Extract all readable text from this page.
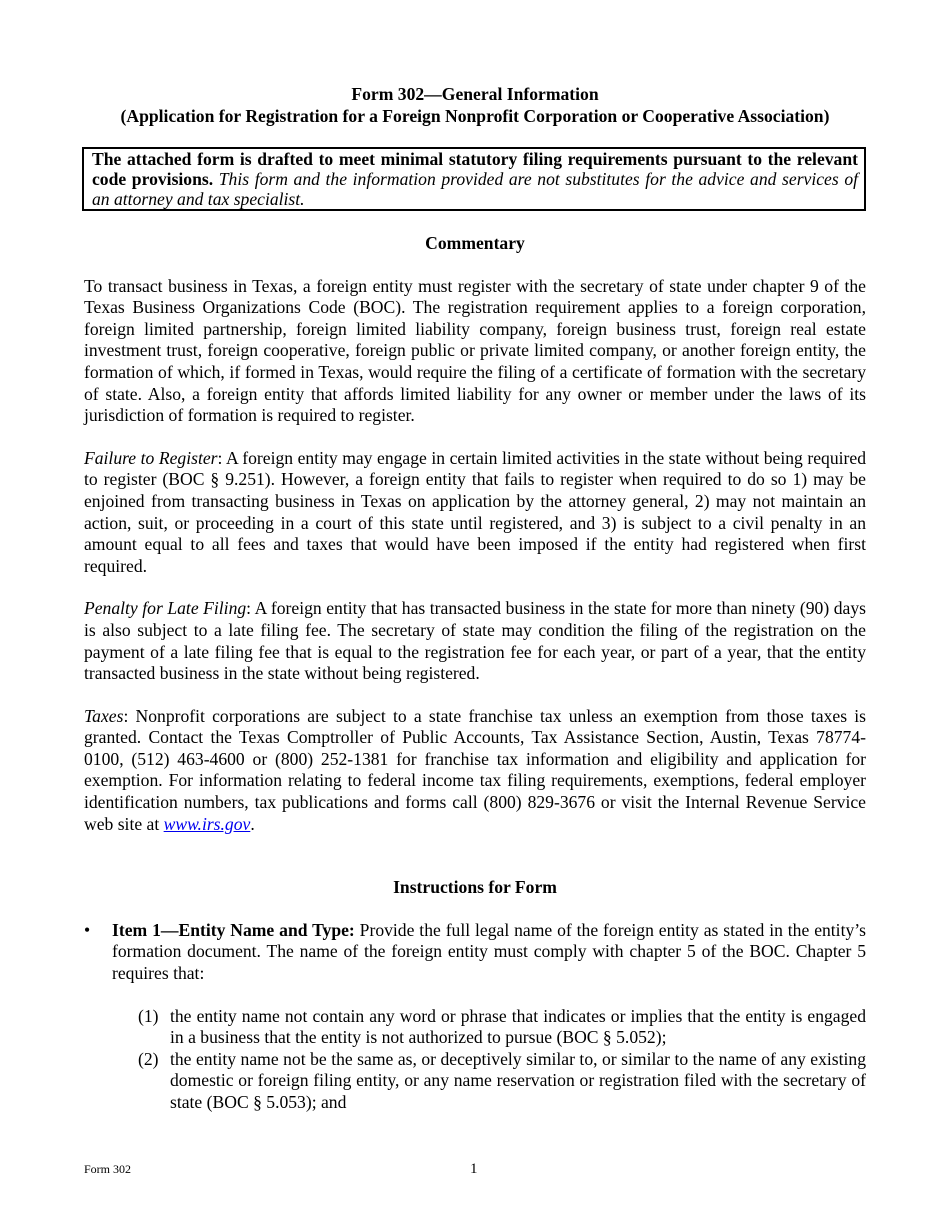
Form 302—General Information
(Application for Registration for a Foreign Nonprofit Corporation or Cooperative Association)
The attached form is drafted to meet minimal statutory filing requirements pursuant to the relevant code provisions. This form and the information provided are not substitutes for the advice and services of an attorney and tax specialist.
Commentary

To transact business in Texas, a foreign entity must register with the secretary of state under chapter 9 of the Texas Business Organizations Code (BOC). The registration requirement applies to a foreign corporation, foreign limited partnership, foreign limited liability company, foreign business trust, foreign real estate investment trust, foreign cooperative, foreign public or private limited company, or another foreign entity, the formation of which, if formed in Texas, would require the filing of a certificate of formation with the secretary of state. Also, a foreign entity that affords limited liability for any owner or member under the laws of its jurisdiction of formation is required to register.

Failure to Register: A foreign entity may engage in certain limited activities in the state without being required to register (BOC § 9.251). However, a foreign entity that fails to register when required to do so 1) may be enjoined from transacting business in Texas on application by the attorney general, 2) may not maintain an action, suit, or proceeding in a court of this state until registered, and 3) is subject to a civil penalty in an amount equal to all fees and taxes that would have been imposed if the entity had registered when first required.

Penalty for Late Filing: A foreign entity that has transacted business in the state for more than ninety (90) days is also subject to a late filing fee. The secretary of state may condition the filing of the registration on the payment of a late filing fee that is equal to the registration fee for each year, or part of a year, that the entity transacted business in the state without being registered.

Taxes: Nonprofit corporations are subject to a state franchise tax unless an exemption from those taxes is granted. Contact the Texas Comptroller of Public Accounts, Tax Assistance Section, Austin, Texas 78774-0100, (512) 463-4600 or (800) 252-1381 for franchise tax information and eligibility and application for exemption. For information relating to federal income tax filing requirements, exemptions, federal employer identification numbers, tax publications and forms call (800) 829-3676 or visit the Internal Revenue Service web site at www.irs.gov.

Instructions for Form
• Item 1—Entity Name and Type: Provide the full legal name of the foreign entity as stated in the entity’s formation document. The name of the foreign entity must comply with chapter 5 of the BOC. Chapter 5 requires that:

(1) the entity name not contain any word or phrase that indicates or implies that the entity is engaged in a business that the entity is not authorized to pursue (BOC § 5.052);
(2) the entity name not be the same as, or deceptively similar to, or similar to the name of any existing domestic or foreign filing entity, or any name reservation or registration filed with the secretary of state (BOC § 5.053); and
Form 302	1
